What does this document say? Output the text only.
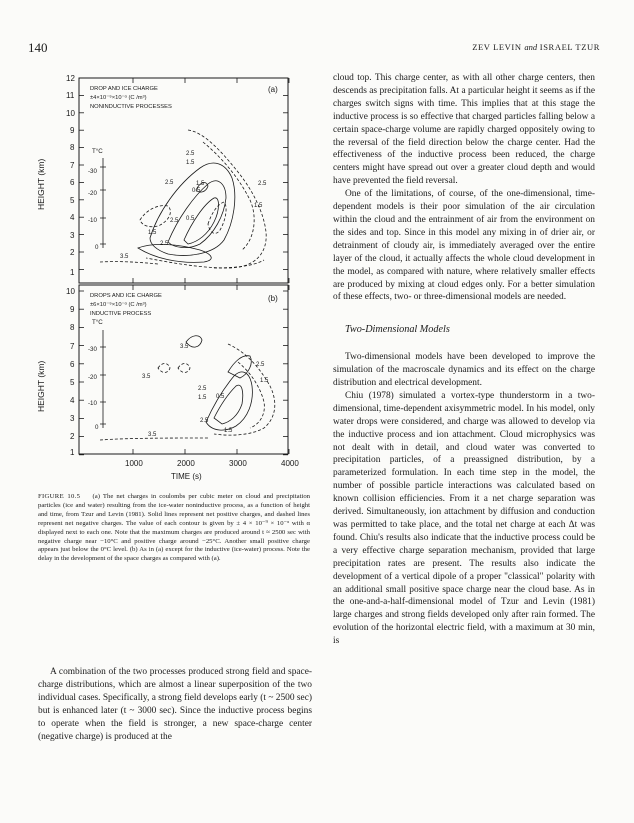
140	ZEV LEVIN and ISRAEL TZUR
12
11
10
9
8
7
6
5
4
3
2
1
10
9
8
7
6
5
4
3
2
1
HEIGHT (km)
HEIGHT (km)
DROP AND ICE CHARGE
±4×10⁻⁹×10⁻ᵅ (C /m³)
NONINDUCTIVE PROCESSES
DROPS AND ICE CHARGE
±6×10⁻⁹×10⁻ᵅ (C /m³)
INDUCTIVE PROCESS
(a)
(b)
T°C
-30
-20
-10
0
T°C
-30
-20
-10
0
2.5
1.5
2.5	1.5
0.5
2.5
1.5
2.5 0.5
2.5
1.5
3.5
3.5
2.5
3.5
1.5
2.5
1.5 0.5
2.5
1.5
3.5
1000	2000	3000	4000
TIME (s)
FIGURE 10.5 (a) The net charges in coulombs per cubic meter on cloud and precipitation particles (ice and water) resulting from the ice-water noninductive process, as a function of height and time, from Tzur and Levin (1981). Solid lines represent net positive charges, and dashed lines represent net negative charges. The value of each contour is given by ± 4 × 10⁻⁹ × 10⁻ᵅ with α displayed next to each one. Note that the maximum charges are produced around t ≈ 2500 sec with negative charge near −10°C and positive charge around −25°C. Another small positive charge appears just below the 0°C level. (b) As in (a) except for the inductive (ice-water) process. Note the delay in the development of the space charges as compared with (a).

A combination of the two processes produced strong field and space-charge distributions, which are almost a linear superposition of the two individual cases. Specifically, a strong field develops early (t ~ 2500 sec) but is enhanced later (t ~ 3000 sec). Since the inductive process begins to operate when the field is stronger, a new space-charge center (negative charge) is produced at the

cloud top. This charge center, as with all other charge centers, then descends as precipitation falls. At a particular height it seems as if the charges switch signs with time. This implies that at this stage the inductive process is so effective that charged particles falling below a certain space-charge volume are rapidly charged oppositely owing to the reversal of the field direction below the charge center. Had the effectiveness of the inductive process been reduced, the charge centers might have spread out over a greater cloud depth and would have prevented the field reversal.

One of the limitations, of course, of the one-dimensional, time-dependent models is their poor simulation of the air circulation within the cloud and the entrainment of air from the environment on the sides and top. Since in this model any mixing in of drier air, or detrainment of cloudy air, is immediately averaged over the entire layer of the cloud, it actually affects the whole cloud development in the model, as compared with nature, where relatively smaller effects are produced by mixing at cloud edges only. For a better simulation of these effects, two- or three-dimensional models are needed.

Two-Dimensional Models

Two-dimensional models have been developed to improve the simulation of the macroscale dynamics and its effect on the charge distribution and electrical development.

Chiu (1978) simulated a vortex-type thunderstorm in a two-dimensional, time-dependent axisymmetric model. In his model, only water drops were considered, and charge was allowed to develop via the inductive process and ion attachment. Cloud microphysics was not dealt with in detail, and cloud water was converted to precipitation particles, of a preassigned distribution, by a parameterized formulation. In each time step in the model, the number of possible particle interactions was calculated based on known collision efficiencies. From it a net charge separation was derived. Simultaneously, ion attachment by diffusion and conduction was permitted to take place, and the total net charge at each Δt was found. Chiu's results also indicate that the inductive process could be a very effective charge separation mechanism, provided that large precipitation rates are present. The results also indicate the development of a vertical dipole of a proper "classical" polarity with an additional small positive space charge near the cloud base. As in the one-and-a-half-dimensional model of Tzur and Levin (1981) large charges and strong fields developed only after rain formed. The evolution of the horizontal electric field, with a maximum at 30 min, is
